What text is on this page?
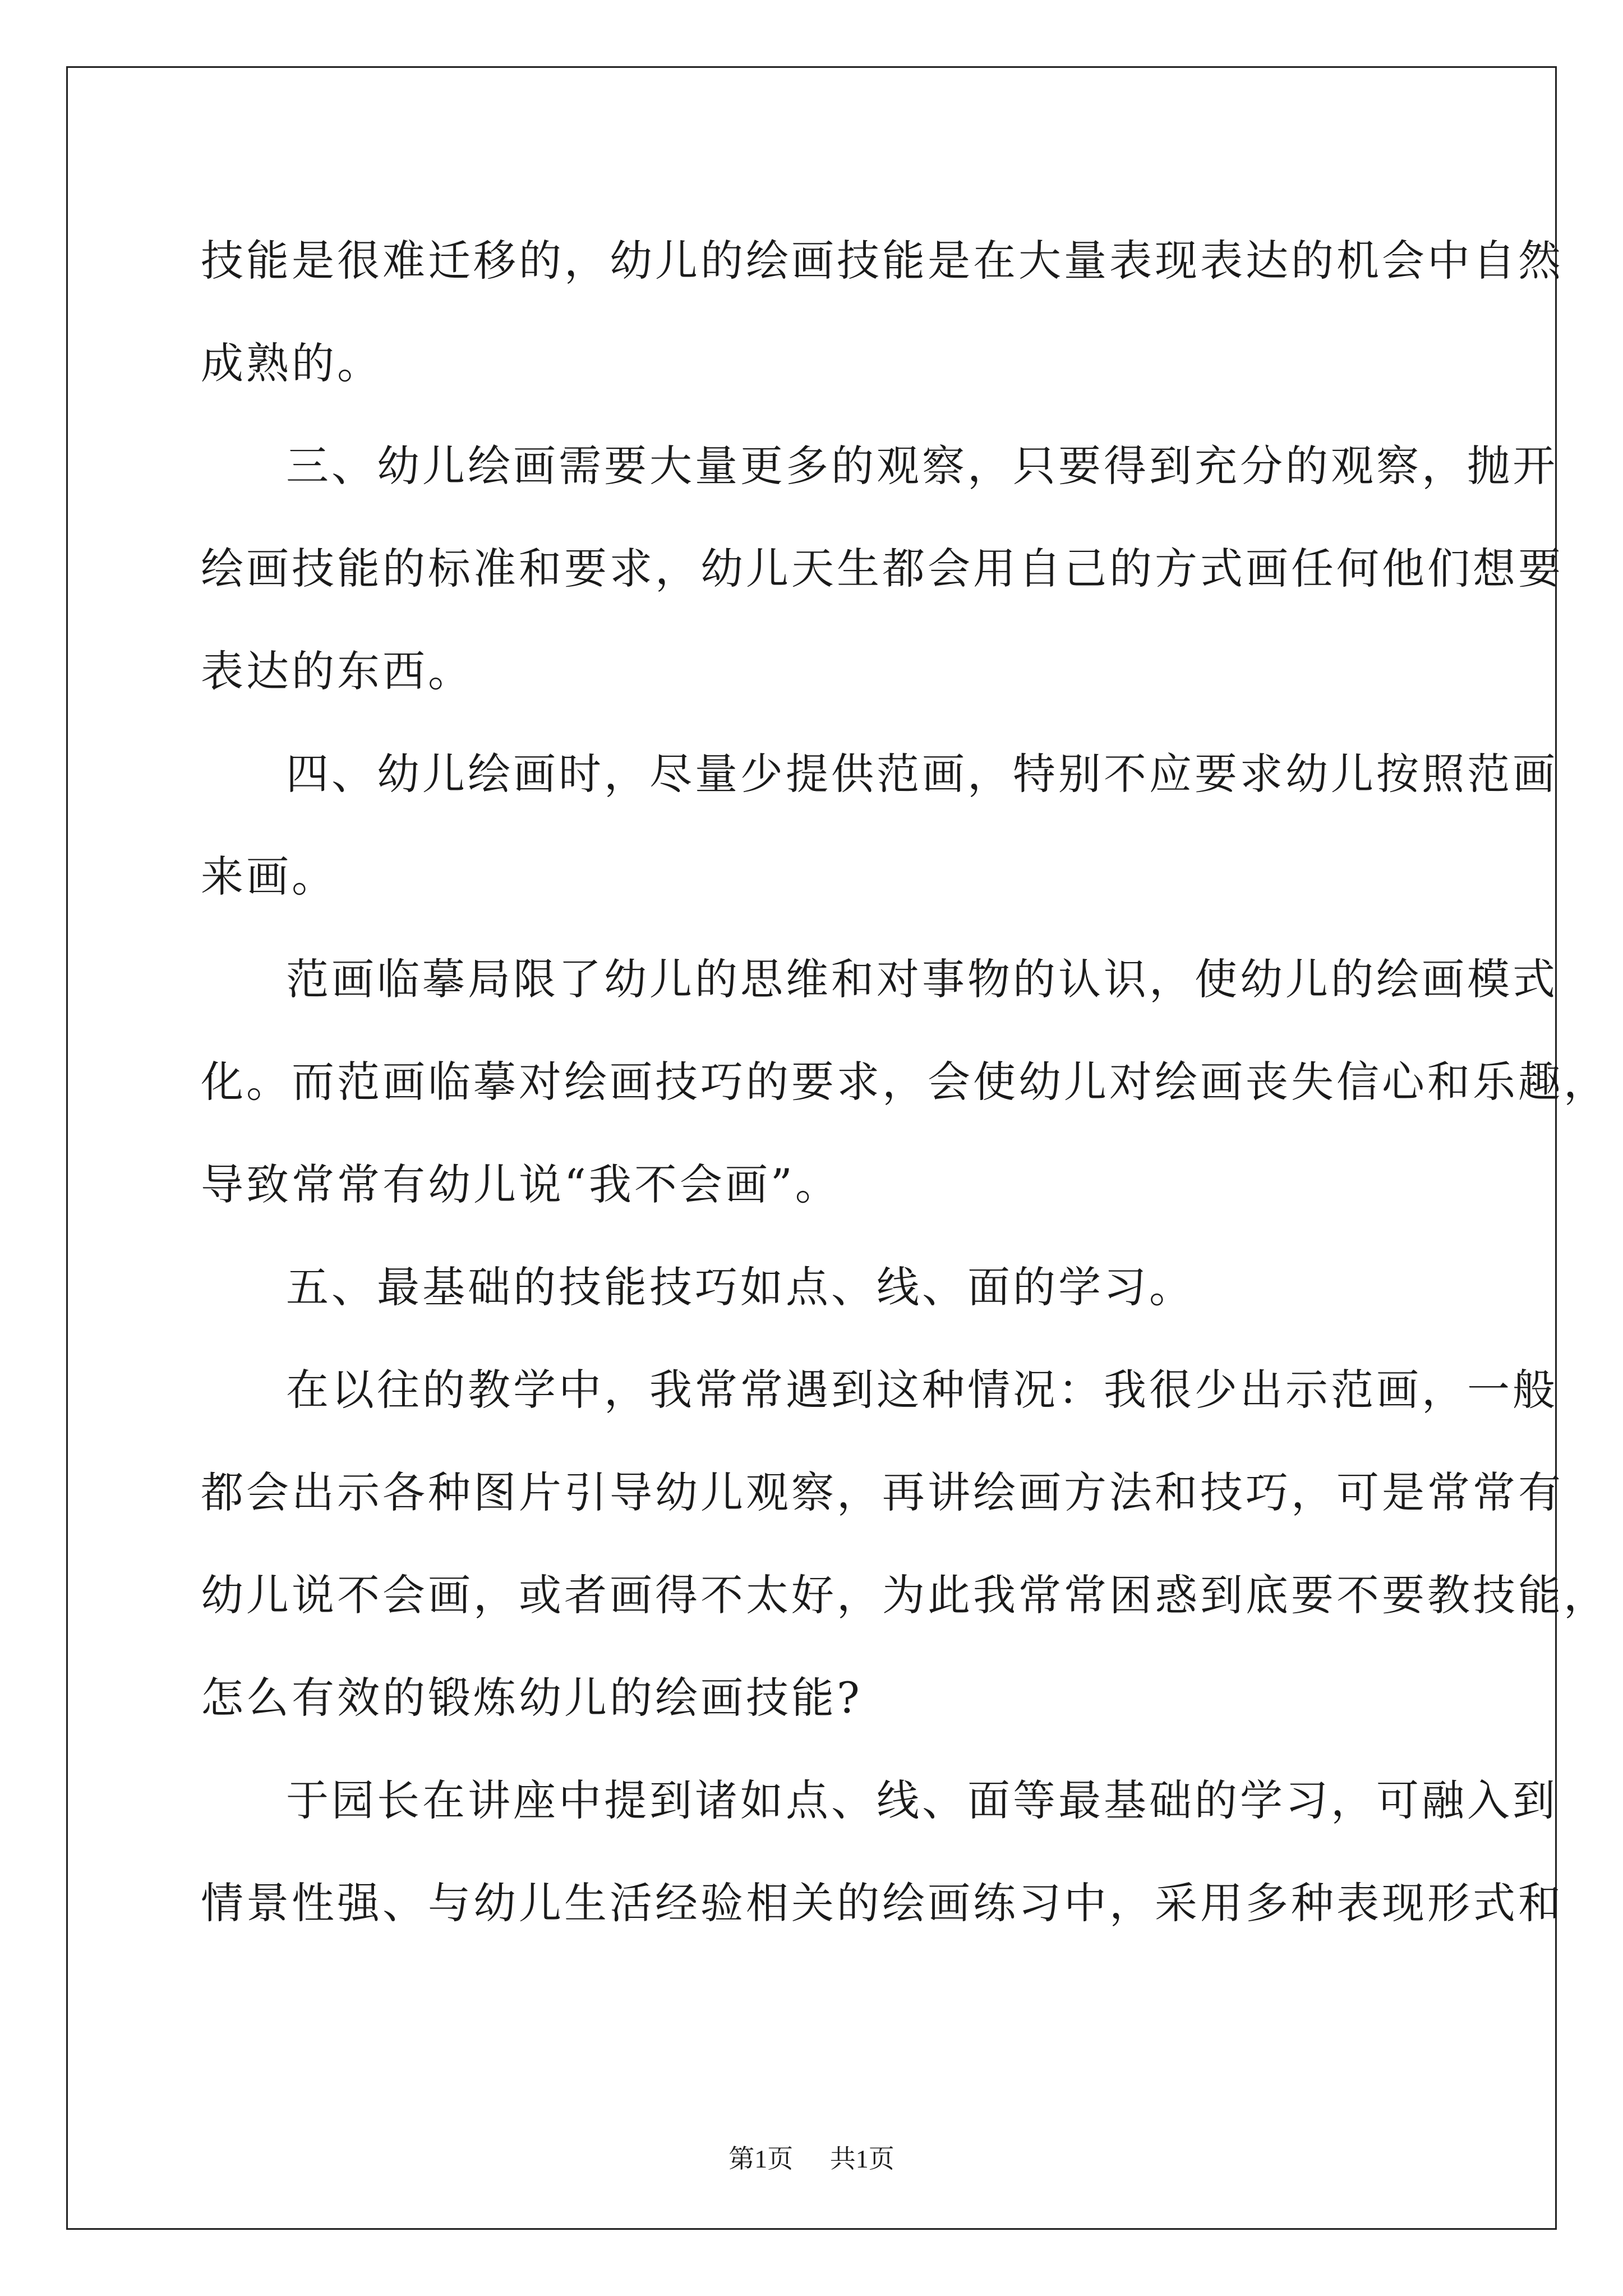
技能是很难迁移的，幼儿的绘画技能是在大量表现表达的机会中自然
成熟的。
三、幼儿绘画需要大量更多的观察，只要得到充分的观察，抛开
绘画技能的标准和要求，幼儿天生都会用自己的方式画任何他们想要
表达的东西。
四、幼儿绘画时，尽量少提供范画，特别不应要求幼儿按照范画
来画。
范画临摹局限了幼儿的思维和对事物的认识，使幼儿的绘画模式
化。而范画临摹对绘画技巧的要求，会使幼儿对绘画丧失信心和乐趣，
导致常常有幼儿说“我不会画”。
五、最基础的技能技巧如点、线、面的学习。
在以往的教学中，我常常遇到这种情况：我很少出示范画，一般
都会出示各种图片引导幼儿观察，再讲绘画方法和技巧，可是常常有
幼儿说不会画，或者画得不太好，为此我常常困惑到底要不要教技能，
怎么有效的锻炼幼儿的绘画技能?
于园长在讲座中提到诸如点、线、面等最基础的学习，可融入到
情景性强、与幼儿生活经验相关的绘画练习中，采用多种表现形式和
第1页 共1页
